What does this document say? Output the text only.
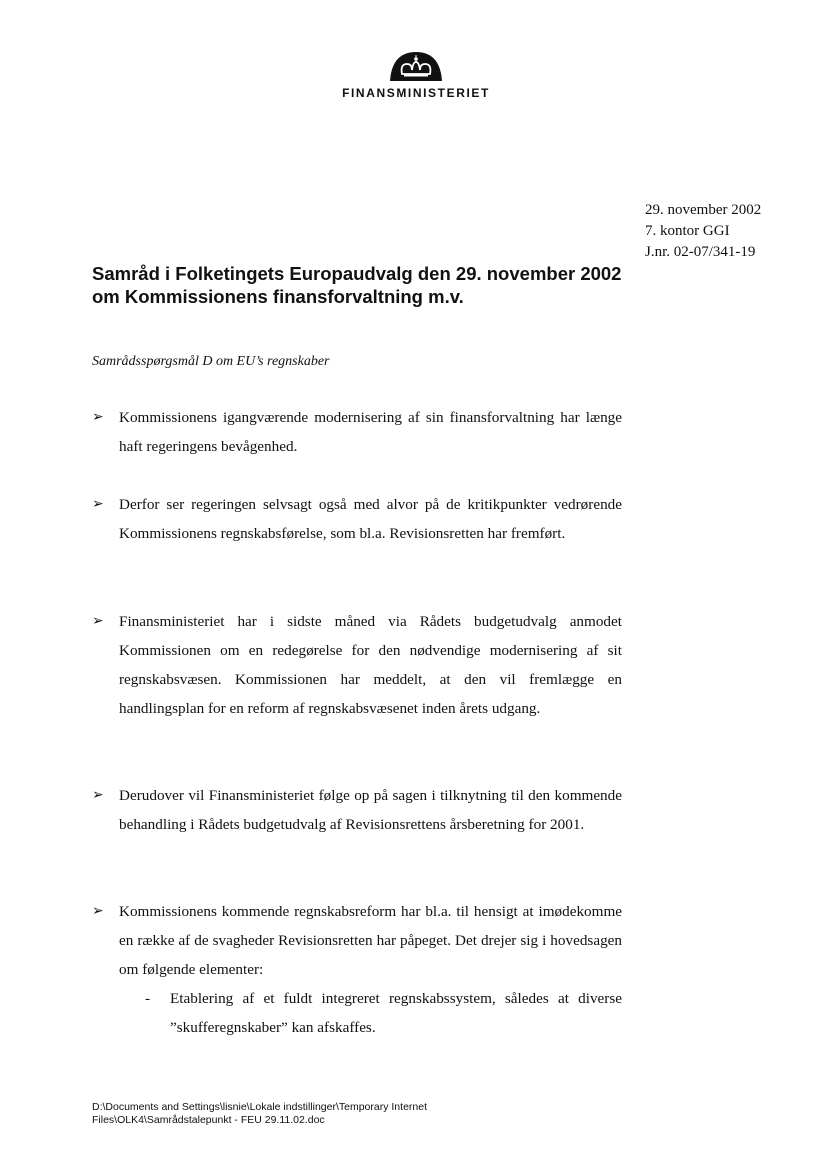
FINANSMINISTERIET
29. november 2002
7. kontor GGI
J.nr. 02-07/341-19
Samråd i Folketingets Europaudvalg den 29. november 2002 om Kommissionens finansforvaltning m.v.
Samrådsspørgsmål D om EU’s regnskaber
➢ Kommissionens igangværende modernisering af sin finansforvaltning har længe haft regeringens bevågenhed.
➢ Derfor ser regeringen selvsagt også med alvor på de kritikpunkter vedrørende Kommissionens regnskabsførelse, som bl.a. Revisionsretten har fremført.
➢ Finansministeriet har i sidste måned via Rådets budgetudvalg anmodet Kommissionen om en redegørelse for den nødvendige modernisering af sit regnskabsvæsen. Kommissionen har meddelt, at den vil fremlægge en handlingsplan for en reform af regnskabsvæsenet inden årets udgang.
➢ Derudover vil Finansministeriet følge op på sagen i tilknytning til den kommende behandling i Rådets budgetudvalg af Revisionsrettens årsberetning for 2001.
➢ Kommissionens kommende regnskabsreform har bl.a. til hensigt at imødekomme en række af de svagheder Revisionsretten har påpeget. Det drejer sig i hovedsagen om følgende elementer:
- Etablering af et fuldt integreret regnskabssystem, således at diverse ”skufferegnskaber” kan afskaffes.
D:\Documents and Settings\lisnie\Lokale indstillinger\Temporary Internet
Files\OLK4\Samrådstalepunkt - FEU 29.11.02.doc
